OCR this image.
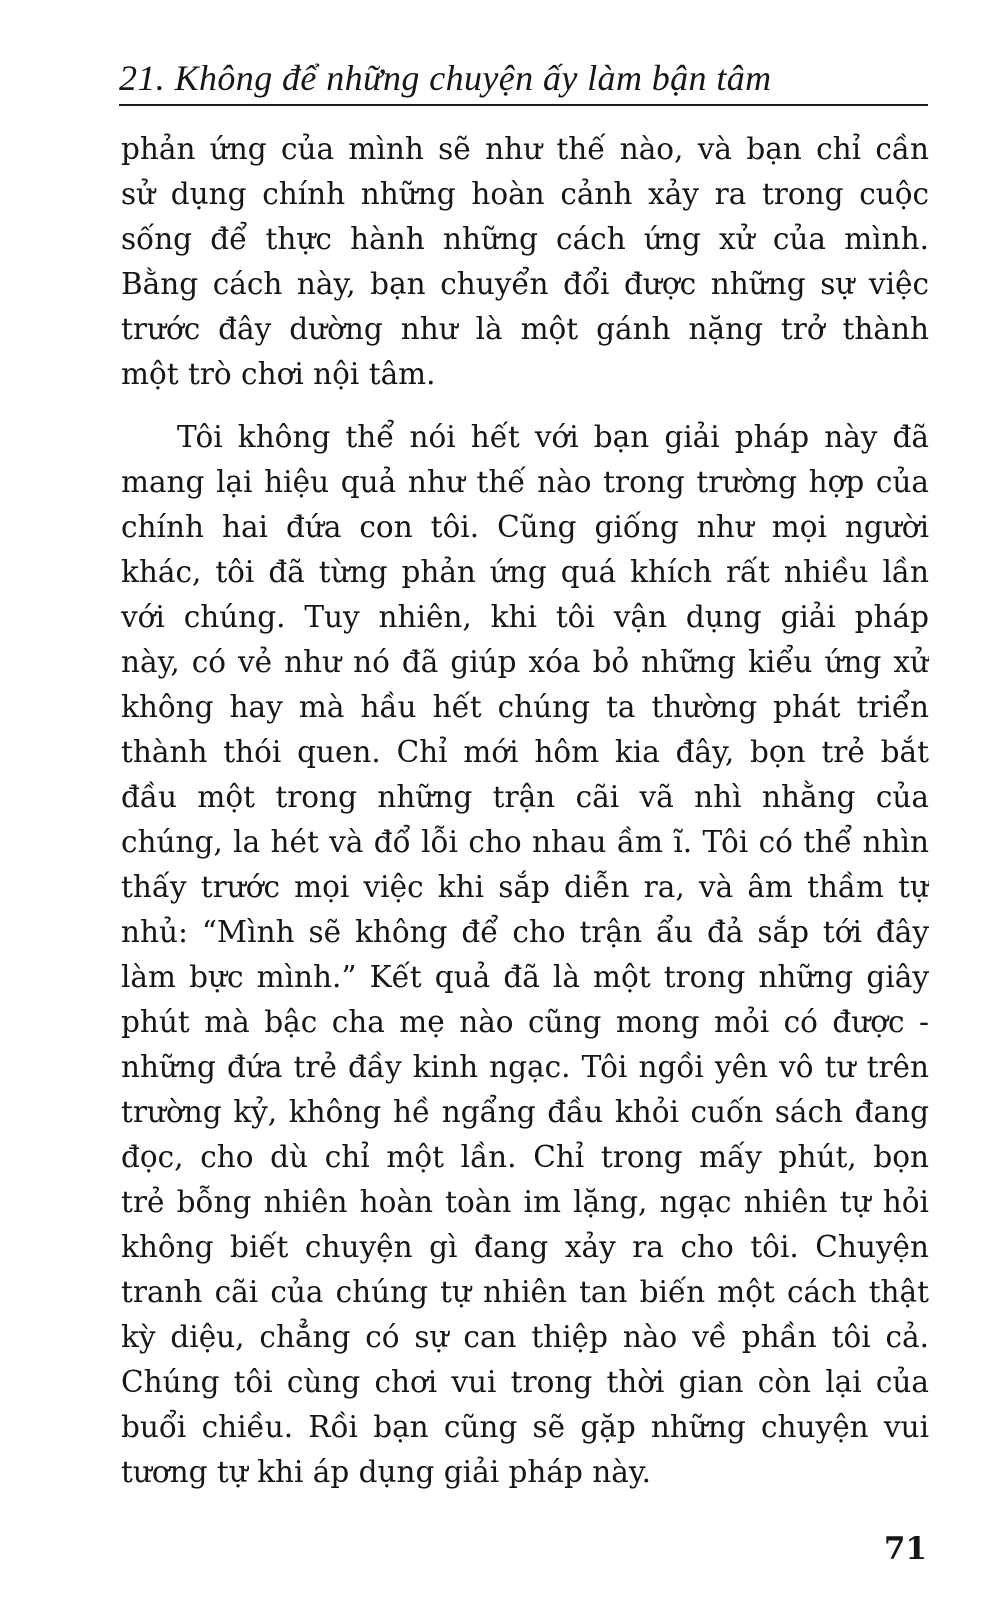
21. Không để những chuyện ấy làm bận tâm
phản ứng của mình sẽ như thế nào, và bạn chỉ cần
sử dụng chính những hoàn cảnh xảy ra trong cuộc
sống để thực hành những cách ứng xử của mình.
Bằng cách này, bạn chuyển đổi được những sự việc
trước đây dường như là một gánh nặng trở thành
một trò chơi nội tâm.
Tôi không thể nói hết với bạn giải pháp này đã
mang lại hiệu quả như thế nào trong trường hợp của
chính hai đứa con tôi. Cũng giống như mọi người
khác, tôi đã từng phản ứng quá khích rất nhiều lần
với chúng. Tuy nhiên, khi tôi vận dụng giải pháp
này, có vẻ như nó đã giúp xóa bỏ những kiểu ứng xử
không hay mà hầu hết chúng ta thường phát triển
thành thói quen. Chỉ mới hôm kia đây, bọn trẻ bắt
đầu một trong những trận cãi vã nhì nhằng của
chúng, la hét và đổ lỗi cho nhau ầm ĩ. Tôi có thể nhìn
thấy trước mọi việc khi sắp diễn ra, và âm thầm tự
nhủ: “Mình sẽ không để cho trận ẩu đả sắp tới đây
làm bực mình.” Kết quả đã là một trong những giây
phút mà bậc cha mẹ nào cũng mong mỏi có được -
những đứa trẻ đầy kinh ngạc. Tôi ngồi yên vô tư trên
trường kỷ, không hề ngẩng đầu khỏi cuốn sách đang
đọc, cho dù chỉ một lần. Chỉ trong mấy phút, bọn
trẻ bỗng nhiên hoàn toàn im lặng, ngạc nhiên tự hỏi
không biết chuyện gì đang xảy ra cho tôi. Chuyện
tranh cãi của chúng tự nhiên tan biến một cách thật
kỳ diệu, chẳng có sự can thiệp nào về phần tôi cả.
Chúng tôi cùng chơi vui trong thời gian còn lại của
buổi chiều. Rồi bạn cũng sẽ gặp những chuyện vui
tương tự khi áp dụng giải pháp này.
71
